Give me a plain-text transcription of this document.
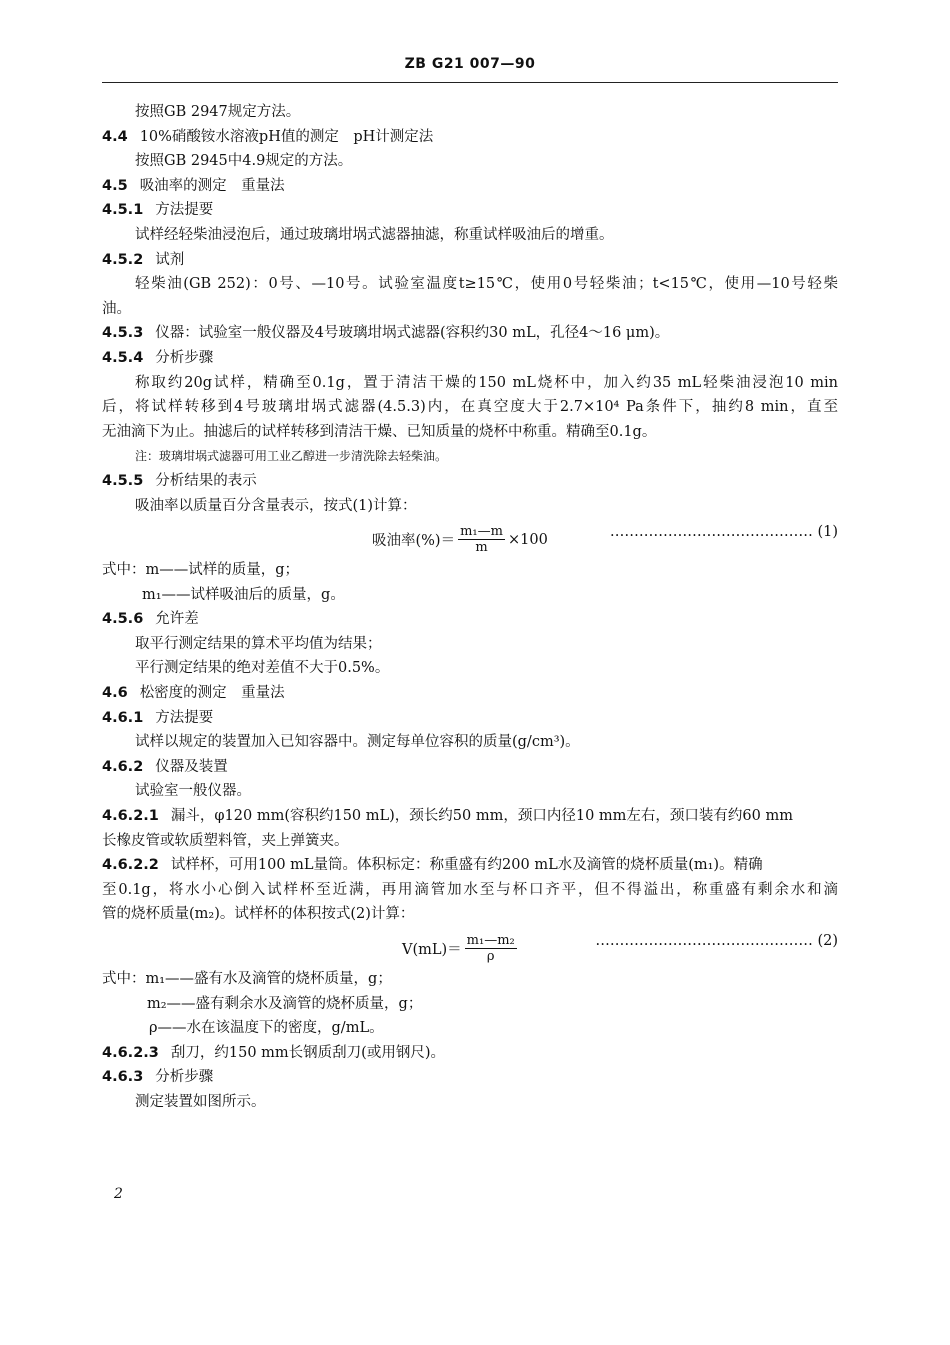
ZB G21 007—90
按照GB 2947规定方法。
4.4 10%硝酸铵水溶液pH值的测定　pH计测定法
按照GB 2945中4.9规定的方法。
4.5 吸油率的测定　重量法
4.5.1 方法提要
试样经轻柴油浸泡后，通过玻璃坩埚式滤器抽滤，称重试样吸油后的增重。
4.5.2 试剂
轻柴油(GB 252)：0号、—10号。试验室温度t≥15℃，使用0号轻柴油；t<15℃，使用—10号轻柴
油。
4.5.3 仪器：试验室一般仪器及4号玻璃坩埚式滤器(容积约30 mL，孔径4～16 μm)。
4.5.4 分析步骤
称取约20g试样，精确至0.1g，置于清洁干燥的150 mL烧杯中，加入约35 mL轻柴油浸泡10 min
后，将试样转移到4号玻璃坩埚式滤器(4.5.3)内，在真空度大于2.7×10⁴ Pa条件下，抽约8 min，直至
无油滴下为止。抽滤后的试样转移到清洁干燥、已知质量的烧杯中称重。精确至0.1g。
注：玻璃坩埚式滤器可用工业乙醇进一步清洗除去轻柴油。
4.5.5 分析结果的表示
吸油率以质量百分含量表示，按式(1)计算：
吸油率(%)＝ $\frac{\text{m₁—m}}{m} \times 100$	…………………………………… (1)
式中：m——试样的质量，g；
m₁——试样吸油后的质量，g。
4.5.6 允许差
取平行测定结果的算术平均值为结果；
平行测定结果的绝对差值不大于0.5%。
4.6 松密度的测定　重量法
4.6.1 方法提要
试样以规定的装置加入已知容器中。测定每单位容积的质量(g/cm³)。
4.6.2 仪器及装置
试验室一般仪器。
4.6.2.1 漏斗，φ120 mm(容积约150 mL)，颈长约50 mm，颈口内径10 mm左右，颈口装有约60 mm
长橡皮管或软质塑料管，夹上弹簧夹。
4.6.2.2 试样杯，可用100 mL量筒。体积标定：称重盛有约200 mL水及滴管的烧杯质量(m₁)。精确
至0.1g，将水小心倒入试样杯至近满，再用滴管加水至与杯口齐平，但不得溢出，称重盛有剩余水和滴
管的烧杯质量(m₂)。试样杯的体积按式(2)计算：
$V(mL)= \frac{\text{m₁—m₂}}{\rho}$	……………………………………… (2)
式中：m₁——盛有水及滴管的烧杯质量，g；
m₂——盛有剩余水及滴管的烧杯质量，g；
ρ——水在该温度下的密度，g/mL。
4.6.2.3 刮刀，约150 mm长钢质刮刀(或用钢尺)。
4.6.3 分析步骤
测定装置如图所示。
2
